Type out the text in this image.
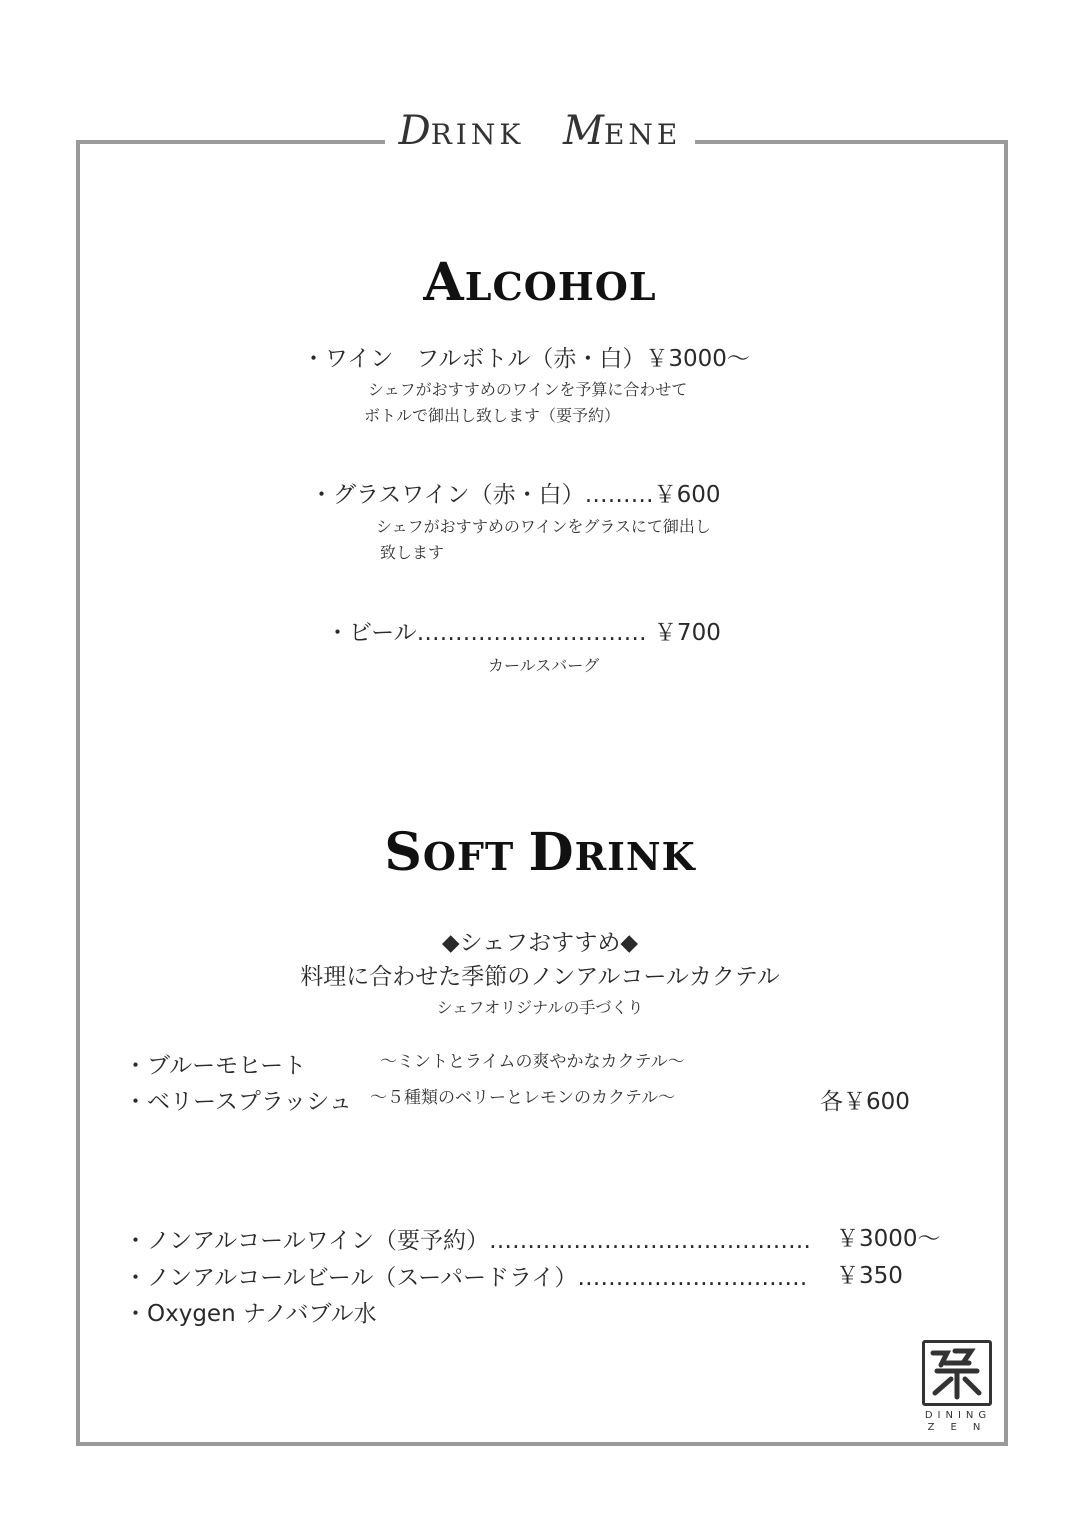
DRINK MENE
ALCOHOL
・ワイン　フルボトル（赤・白）￥3000～
シェフがおすすめのワインを予算に合わせて
ボトルで御出し致します（要予約）
・グラスワイン（赤・白）………￥600
シェフがおすすめのワインをグラスにて御出し
致します
・ビール………………………… ￥700
カールスバーグ
SOFT DRINK
◆シェフおすすめ◆
料理に合わせた季節のノンアルコールカクテル
シェフオリジナルの手づくり
・ブルーモヒート	～ミントとライムの爽やかなカクテル～
・ベリースプラッシュ ～５種類のベリーとレモンのカクテル～	各￥600
・ノンアルコールワイン（要予約）…………………………………… ￥3000～
・ノンアルコールビール（スーパードライ）………………………… ￥350
・Oxygen ナノバブル水
DINING
ZEN
